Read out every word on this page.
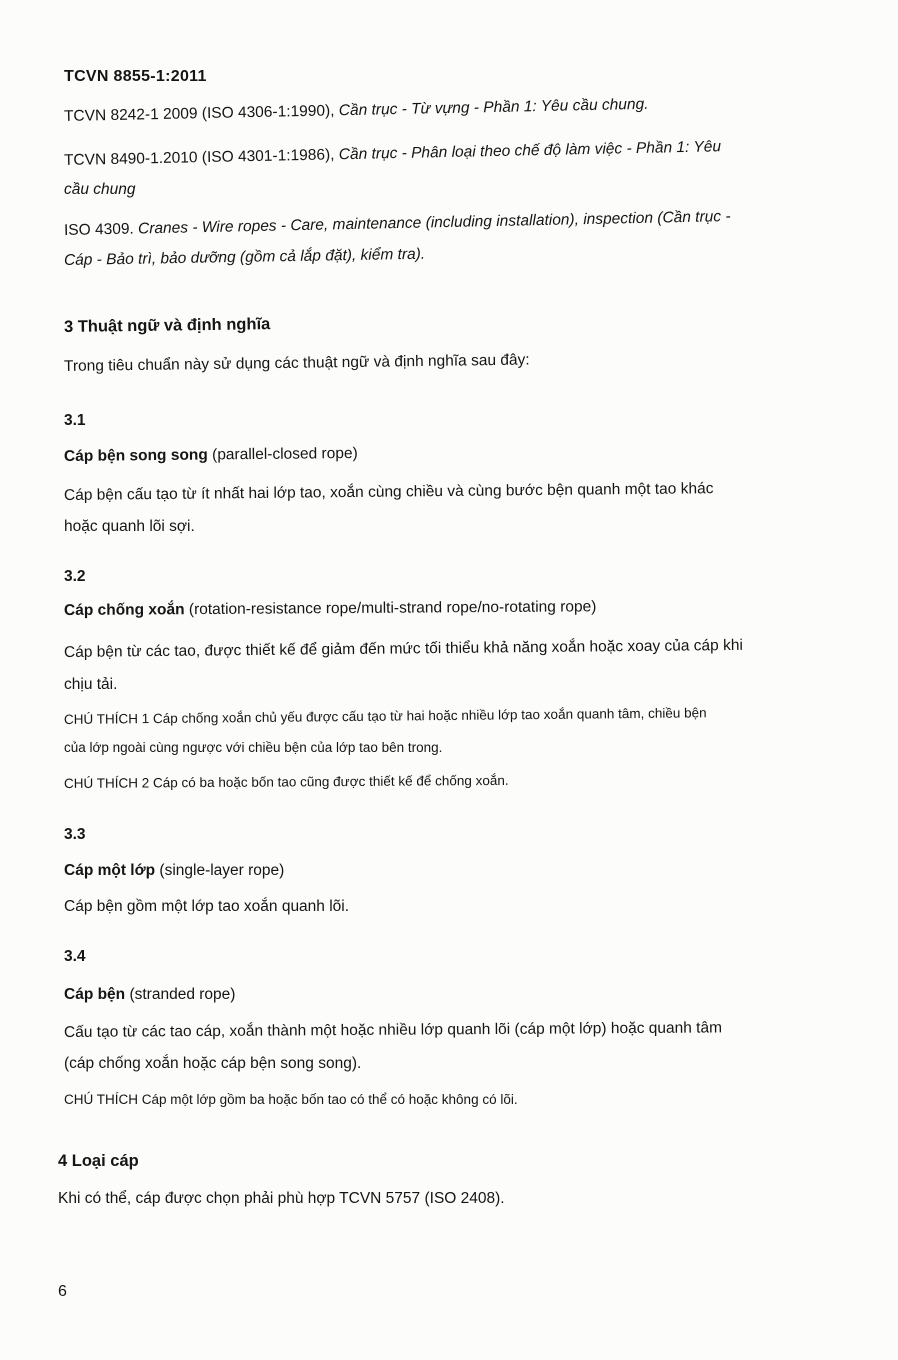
TCVN 8855-1:2011
TCVN 8242-1 2009 (ISO 4306-1:1990), Cần trục - Từ vựng - Phần 1: Yêu cầu chung.
TCVN 8490-1.2010 (ISO 4301-1:1986), Cần trục - Phân loại theo chế độ làm việc - Phần 1: Yêu
cầu chung
ISO 4309. Cranes - Wire ropes - Care, maintenance (including installation), inspection (Cần trục -
Cáp - Bảo trì, bảo dưỡng (gồm cả lắp đặt), kiểm tra).
3 Thuật ngữ và định nghĩa
Trong tiêu chuẩn này sử dụng các thuật ngữ và định nghĩa sau đây:
3.1
Cáp bện song song (parallel-closed rope)
Cáp bện cấu tạo từ ít nhất hai lớp tao, xoắn cùng chiều và cùng bước bện quanh một tao khác
hoặc quanh lõi sợi.
3.2
Cáp chống xoắn (rotation-resistance rope/multi-strand rope/no-rotating rope)
Cáp bện từ các tao, được thiết kế để giảm đến mức tối thiểu khả năng xoắn hoặc xoay của cáp khi
chịu tải.
CHÚ THÍCH 1 Cáp chống xoắn chủ yếu được cấu tạo từ hai hoặc nhiều lớp tao xoắn quanh tâm, chiều bện
của lớp ngoài cùng ngược với chiều bện của lớp tao bên trong.
CHÚ THÍCH 2 Cáp có ba hoặc bốn tao cũng được thiết kế để chống xoắn.
3.3
Cáp một lớp (single-layer rope)
Cáp bện gồm một lớp tao xoắn quanh lõi.
3.4
Cáp bện (stranded rope)
Cấu tạo từ các tao cáp, xoắn thành một hoặc nhiều lớp quanh lõi (cáp một lớp) hoặc quanh tâm
(cáp chống xoắn hoặc cáp bện song song).
CHÚ THÍCH Cáp một lớp gồm ba hoặc bốn tao có thể có hoặc không có lõi.
4 Loại cáp
Khi có thể, cáp được chọn phải phù hợp TCVN 5757 (ISO 2408).
6
